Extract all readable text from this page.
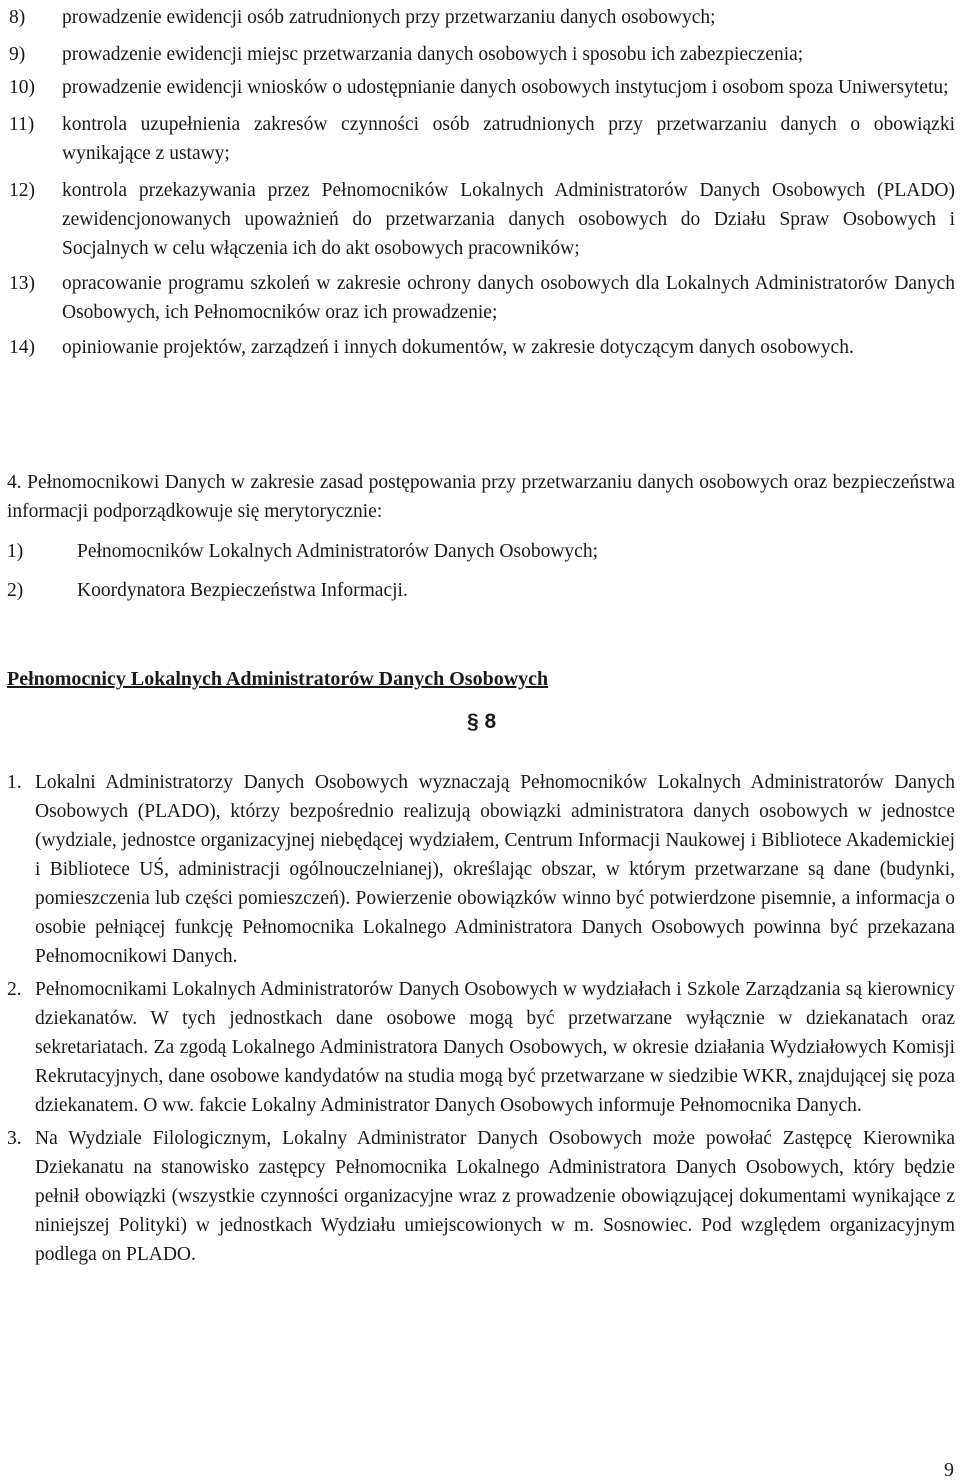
8) prowadzenie ewidencji osób zatrudnionych przy przetwarzaniu danych osobowych;
9) prowadzenie ewidencji miejsc przetwarzania danych osobowych i sposobu ich zabezpieczenia;
10) prowadzenie ewidencji wniosków o udostępnianie danych osobowych instytucjom i osobom spoza Uniwersytetu;
11) kontrola uzupełnienia zakresów czynności osób zatrudnionych przy przetwarzaniu danych o obowiązki wynikające z ustawy;
12) kontrola przekazywania przez Pełnomocników Lokalnych Administratorów Danych Osobowych (PLADO) zewidencjonowanych upoważnień do przetwarzania danych osobowych do Działu Spraw Osobowych i Socjalnych w celu włączenia ich do akt osobowych pracowników;
13) opracowanie programu szkoleń w zakresie ochrony danych osobowych dla Lokalnych Administratorów Danych Osobowych, ich Pełnomocników oraz ich prowadzenie;
14) opiniowanie projektów, zarządzeń i innych dokumentów, w zakresie dotyczącym danych osobowych.

4. Pełnomocnikowi Danych w zakresie zasad postępowania przy przetwarzaniu danych osobowych oraz bezpieczeństwa informacji podporządkowuje się merytorycznie:

1)	Pełnomocników Lokalnych Administratorów Danych Osobowych;
2)	Koordynatora Bezpieczeństwa Informacji.
Pełnomocnicy Lokalnych Administratorów Danych Osobowych
§ 8
1. Lokalni Administratorzy Danych Osobowych wyznaczają Pełnomocników Lokalnych Administratorów Danych Osobowych (PLADO), którzy bezpośrednio realizują obowiązki administratora danych osobowych w jednostce (wydziale, jednostce organizacyjnej niebędącej wydziałem, Centrum Informacji Naukowej i Bibliotece Akademickiej i Bibliotece UŚ, administracji ogólnouczelnianej), określając obszar, w którym przetwarzane są dane (budynki, pomieszczenia lub części pomieszczeń). Powierzenie obowiązków winno być potwierdzone pisemnie, a informacja o osobie pełniącej funkcję Pełnomocnika Lokalnego Administratora Danych Osobowych powinna być przekazana Pełnomocnikowi Danych.
2. Pełnomocnikami Lokalnych Administratorów Danych Osobowych w wydziałach i Szkole Zarządzania są kierownicy dziekanatów. W tych jednostkach dane osobowe mogą być przetwarzane wyłącznie w dziekanatach oraz sekretariatach. Za zgodą Lokalnego Administratora Danych Osobowych, w okresie działania Wydziałowych Komisji Rekrutacyjnych, dane osobowe kandydatów na studia mogą być przetwarzane w siedzibie WKR, znajdującej się poza dziekanatem. O ww. fakcie Lokalny Administrator Danych Osobowych informuje Pełnomocnika Danych.
3. Na Wydziale Filologicznym, Lokalny Administrator Danych Osobowych może powołać Zastępcę Kierownika Dziekanatu na stanowisko zastępcy Pełnomocnika Lokalnego Administratora Danych Osobowych, który będzie pełnił obowiązki (wszystkie czynności organizacyjne wraz z prowadzenie obowiązującej dokumentami wynikające z niniejszej Polityki) w jednostkach Wydziału umiejscowionych w m. Sosnowiec. Pod względem organizacyjnym podlega on PLADO.
9
